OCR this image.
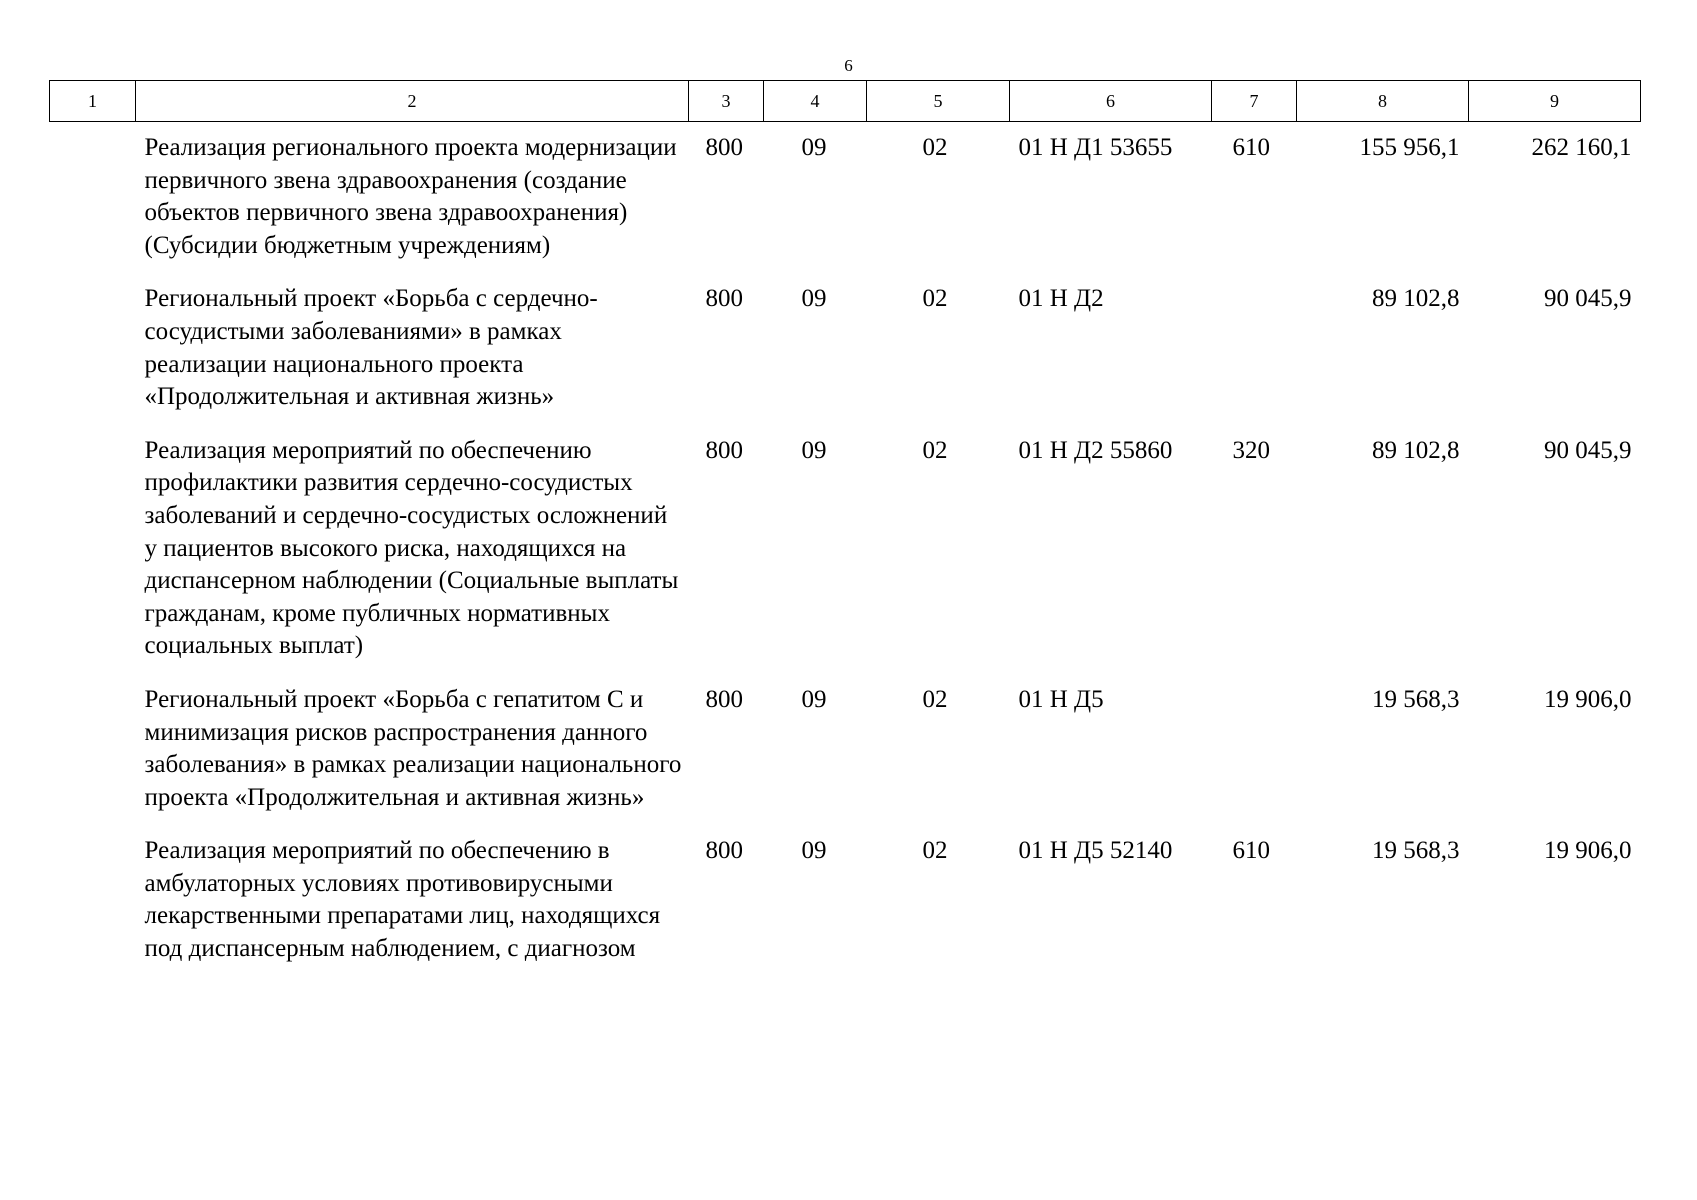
6
1	2	3	4	5	6	7	8	9
	Реализация регионального проекта модернизации первичного звена здравоохранения (создание объектов первичного звена здравоохранения) (Субсидии бюджетным учреждениям)	800	09	02	01 Н Д1 53655	610	155 956,1	262 160,1
	Региональный проект «Борьба с сердечно-сосудистыми заболеваниями» в рамках реализации национального проекта «Продолжительная и активная жизнь»	800	09	02	01 Н Д2		89 102,8	90 045,9
	Реализация мероприятий по обеспечению профилактики развития сердечно-сосудистых заболеваний и сердечно-сосудистых осложнений у пациентов высокого риска, находящихся на диспансерном наблюдении (Социальные выплаты гражданам, кроме публичных нормативных социальных выплат)	800	09	02	01 Н Д2 55860	320	89 102,8	90 045,9
	Региональный проект «Борьба с гепатитом С и минимизация рисков распространения данного заболевания» в рамках реализации национального проекта «Продолжительная и активная жизнь»	800	09	02	01 Н Д5		19 568,3	19 906,0
	Реализация мероприятий по обеспечению в амбулаторных условиях противовирусными лекарственными препаратами лиц, находящихся под диспансерным наблюдением, с диагнозом	800	09	02	01 Н Д5 52140	610	19 568,3	19 906,0
